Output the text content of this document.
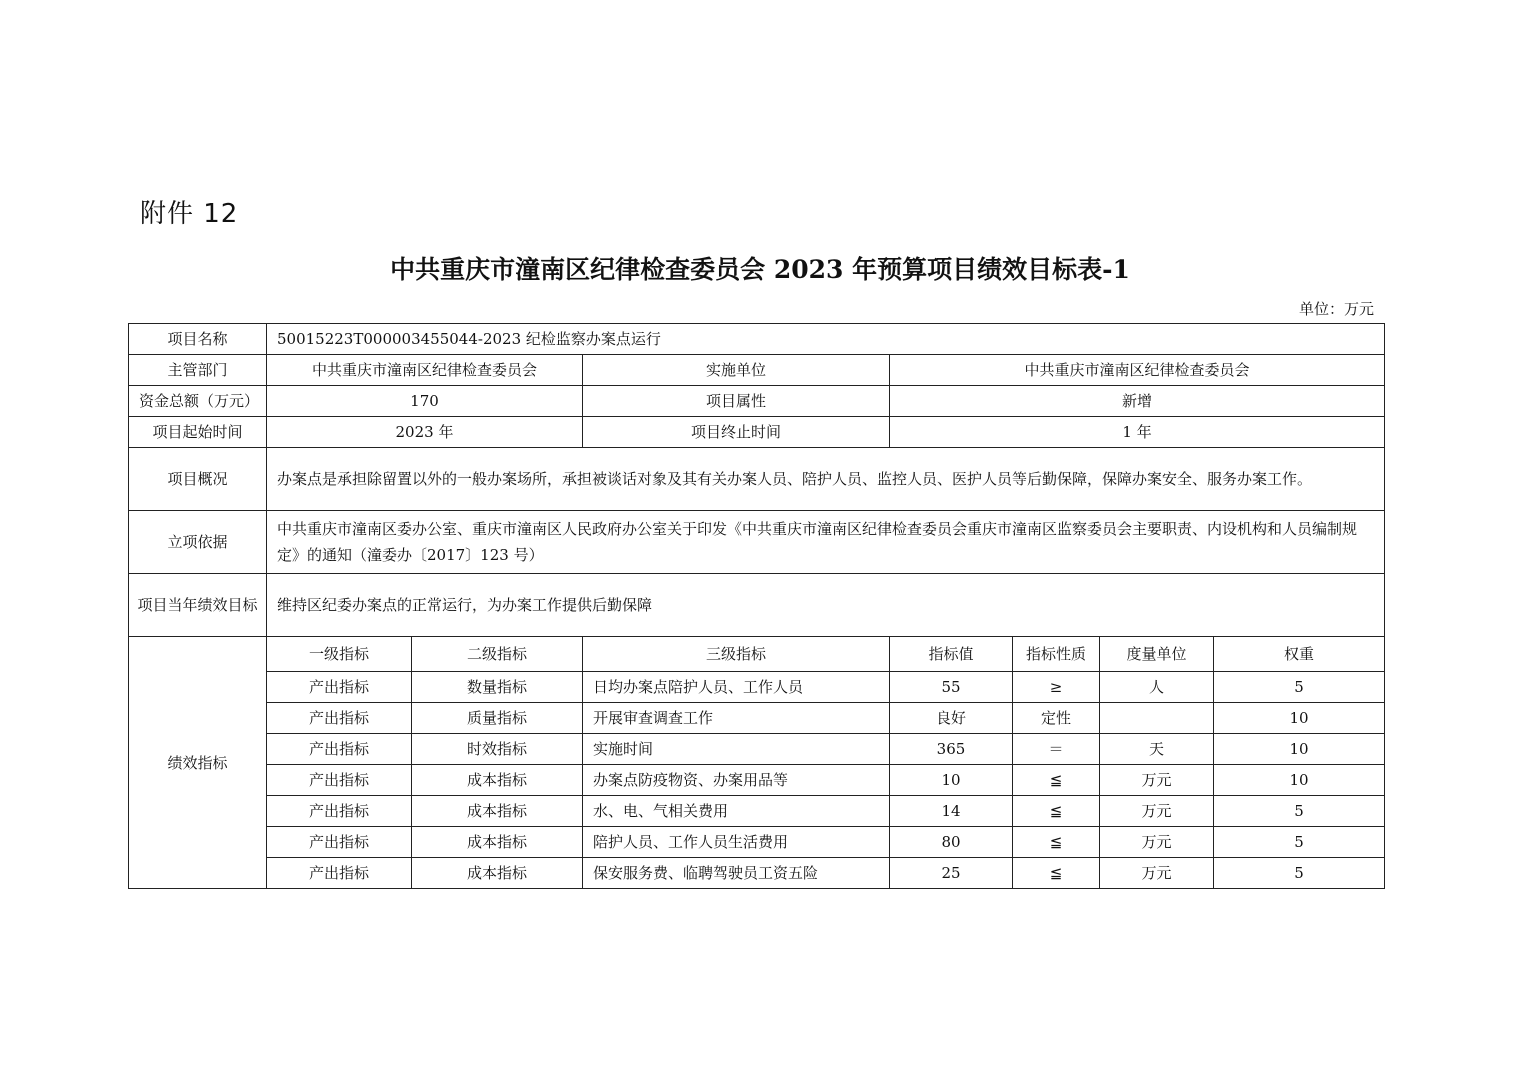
附件 12
中共重庆市潼南区纪律检查委员会 2023 年预算项目绩效目标表-1
单位：万元
项目名称	50015223T000003455044-2023 纪检监察办案点运行						
主管部门	中共重庆市潼南区纪律检查委员会		实施单位	中共重庆市潼南区纪律检查委员会			
资金总额（万元）	170		项目属性	新增			
项目起始时间	2023 年		项目终止时间	1 年			
项目概况	办案点是承担除留置以外的一般办案场所，承担被谈话对象及其有关办案人员、陪护人员、监控人员、医护人员等后勤保障，保障办案安全、服务办案工作。						
立项依据	中共重庆市潼南区委办公室、重庆市潼南区人民政府办公室关于印发《中共重庆市潼南区纪律检查委员会重庆市潼南区监察委员会主要职责、内设机构和人员编制规定》的通知（潼委办〔2017〕123 号）						
项目当年绩效目标	维持区纪委办案点的正常运行，为办案工作提供后勤保障						
绩效指标	一级指标	二级指标	三级指标	指标值	指标性质	度量单位	权重
	产出指标	数量指标	日均办案点陪护人员、工作人员	55	≥	人	5
	产出指标	质量指标	开展审查调查工作	良好	定性		10
	产出指标	时效指标	实施时间	365	＝	天	10
	产出指标	成本指标	办案点防疫物资、办案用品等	10	≦	万元	10
	产出指标	成本指标	水、电、气相关费用	14	≦	万元	5
	产出指标	成本指标	陪护人员、工作人员生活费用	80	≦	万元	5
	产出指标	成本指标	保安服务费、临聘驾驶员工资五险	25	≦	万元	5
